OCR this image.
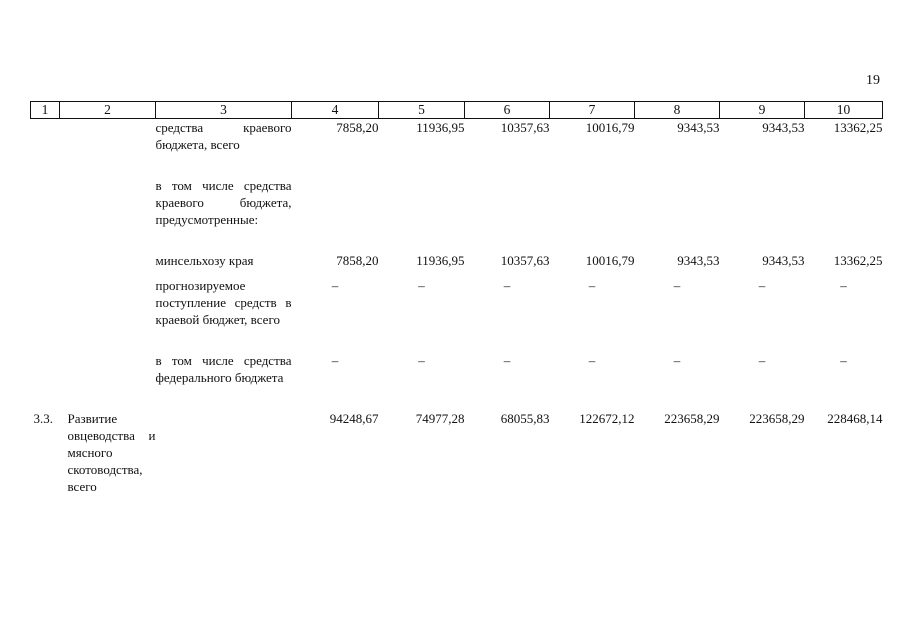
19
1	2	3	4	5	6	7	8	9	10
		средства краевого бюджета, всего	7858,20	11936,95	10357,63	10016,79	9343,53	9343,53	13362,25

		в том числе средства краевого бюджета, предусмотренные:							

		минсельхозу края	7858,20	11936,95	10357,63	10016,79	9343,53	9343,53	13362,25

		прогнозируемое поступление средств в краевой бюджет, всего	–	–	–	–	–	–	–

		в том числе средства федерального бюджета	–	–	–	–	–	–	–

3.3.	Развитие овцеводства и мясного скотоводства, всего		94248,67	74977,28	68055,83	122672,12	223658,29	223658,29	228468,14
